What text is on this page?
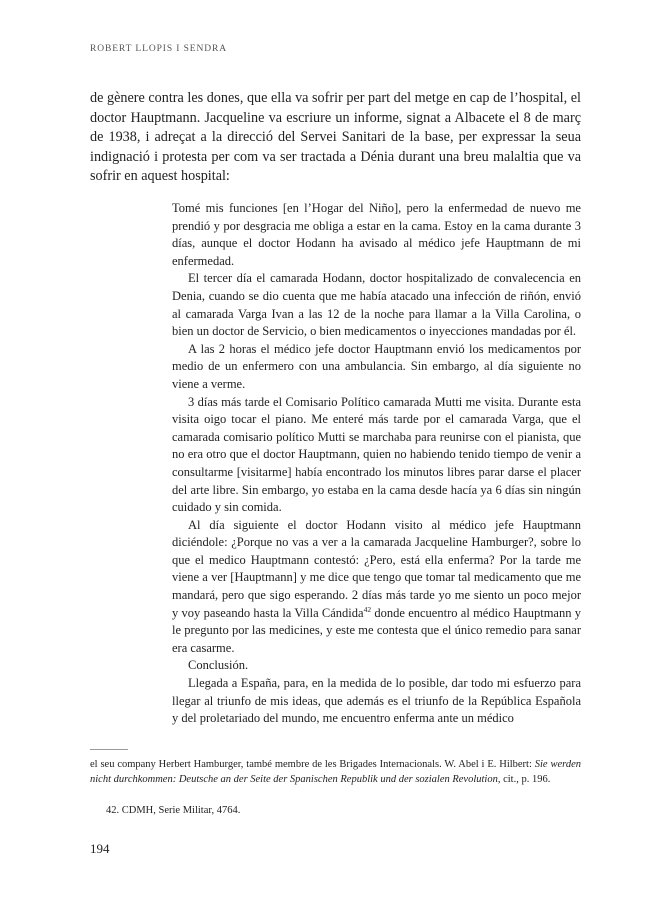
ROBERT LLOPIS I SENDRA

de gènere contra les dones, que ella va sofrir per part del metge en cap de l’hospital, el doctor Hauptmann. Jacqueline va escriure un informe, signat a Albacete el 8 de març de 1938, i adreçat a la direcció del Servei Sanitari de la base, per expressar la seua indignació i protesta per com va ser tractada a Dénia durant una breu malaltia que va sofrir en aquest hospital:

Tomé mis funciones [en l’Hogar del Niño], pero la enfermedad de nuevo me prendió y por desgracia me obliga a estar en la cama. Estoy en la cama durante 3 días, aunque el doctor Hodann ha avisado al médico jefe Hauptmann de mi enfermedad.

El tercer día el camarada Hodann, doctor hospitalizado de convalecencia en Denia, cuando se dio cuenta que me había atacado una infección de riñón, envió al camarada Varga Ivan a las 12 de la noche para llamar a la Villa Carolina, o bien un doctor de Servicio, o bien medicamentos o inyecciones mandadas por él.

A las 2 horas el médico jefe doctor Hauptmann envió los medicamentos por medio de un enfermero con una ambulancia. Sin embargo, al día siguiente no viene a verme.

3 días más tarde el Comisario Político camarada Mutti me visita. Durante esta visita oigo tocar el piano. Me enteré más tarde por el camarada Varga, que el camarada comisario político Mutti se marchaba para reunirse con el pianista, que no era otro que el doctor Hauptmann, quien no habiendo tenido tiempo de venir a consultarme [visitarme] había encontrado los minutos libres parar darse el placer del arte libre. Sin embargo, yo estaba en la cama desde hacía ya 6 días sin ningún cuidado y sin comida.

Al día siguiente el doctor Hodann visito al médico jefe Hauptmann diciéndole: ¿Porque no vas a ver a la camarada Jacqueline Hamburger?, sobre lo que el medico Hauptmann contestó: ¿Pero, está ella enferma? Por la tarde me viene a ver [Hauptmann] y me dice que tengo que tomar tal medicamento que me mandará, pero que sigo esperando. 2 días más tarde yo me siento un poco mejor y voy paseando hasta la Villa Cándida$^{42}$ donde encuentro al médico Hauptmann y le pregunto por las medicines, y este me contesta que el único remedio para sanar era casarme.

Conclusión.

Llegada a España, para, en la medida de lo posible, dar todo mi esfuerzo para llegar al triunfo de mis ideas, que además es el triunfo de la República Española y del proletariado del mundo, me encuentro enferma ante un médico

el seu company Herbert Hamburger, també membre de les Brigades Internacionals. W. Abel i E. Hilbert: Sie werden nicht durchkommen: Deutsche an der Seite der Spanischen Republik und der sozialen Revolution, cit., p. 196.

42. CDMH, Serie Militar, 4764.

194
